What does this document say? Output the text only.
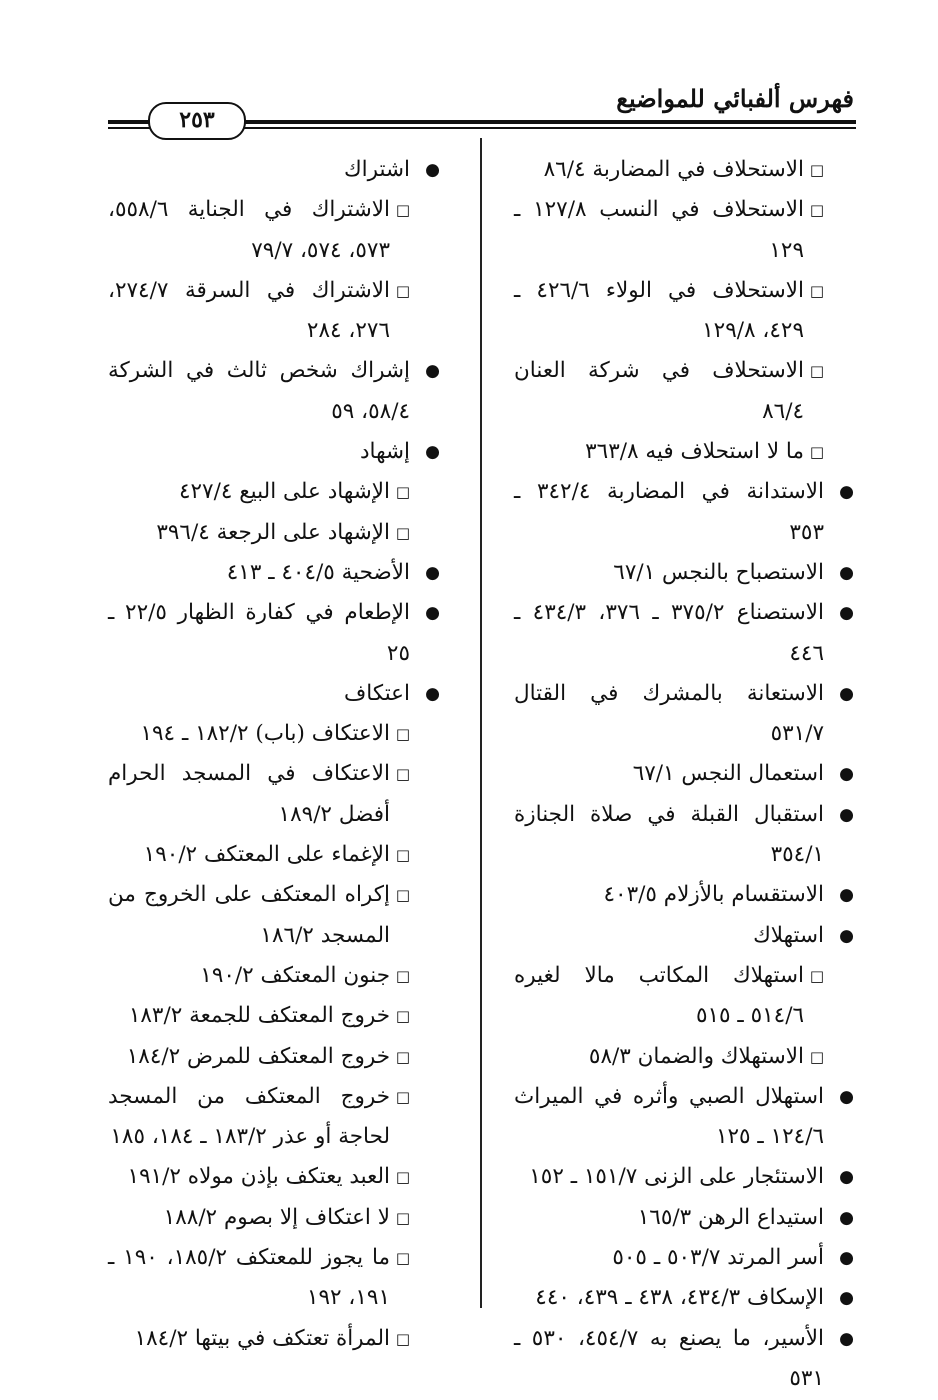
فهرس ألفبائي للمواضيع
٢٥٣
□
الاستحلاف في المضاربة ٨٦/٤
□
الاستحلاف في النسب ١٢٧/٨ ـ ١٢٩
□
الاستحلاف في الولاء ٤٢٦/٦ ـ ٤٢٩، ١٢٩/٨
□
الاستحلاف في شركة العنان ٨٦/٤
□
ما لا استحلاف فيه ٣٦٣/٨
●
الاستدانة في المضاربة ٣٤٢/٤ ـ ٣٥٣
●
الاستصباح بالنجس ٦٧/١
●
الاستصناع ٣٧٥/٢ ـ ٣٧٦، ٤٣٤/٣ ـ ٤٤٦
●
الاستعانة بالمشرك في القتال ٥٣١/٧
●
استعمال النجس ٦٧/١
●
استقبال القبلة في صلاة الجنازة ٣٥٤/١
●
الاستقسام بالأزلام ٤٠٣/٥
●
استهلاك
□
استهلاك المكاتب مالا لغيره ٥١٤/٦ ـ ٥١٥
□
الاستهلاك والضمان ٥٨/٣
●
استهلال الصبي وأثره في الميراث ١٢٤/٦ ـ ١٢٥
●
الاستئجار على الزنى ١٥١/٧ ـ ١٥٢
●
استيداع الرهن ١٦٥/٣
●
أسر المرتد ٥٠٣/٧ ـ ٥٠٥
●
الإسكاف ٤٣٤/٣، ٤٣٨ ـ ٤٣٩، ٤٤٠
●
الأسير، ما يصنع به ٤٥٤/٧، ٥٣٠ ـ ٥٣١
●
اشتراك
□
الاشتراك في الجناية ٥٥٨/٦، ٥٧٣، ٥٧٤، ٧٩/٧
□
الاشتراك في السرقة ٢٧٤/٧، ٢٧٦، ٢٨٤
●
إشراك شخص ثالث في الشركة ٥٨/٤، ٥٩
●
إشهاد
□
الإشهاد على البيع ٤٢٧/٤
□
الإشهاد على الرجعة ٣٩٦/٤
●
الأضحية ٤٠٤/٥ ـ ٤١٣
●
الإطعام في كفارة الظهار ٢٢/٥ ـ ٢٥
●
اعتكاف
□
الاعتكاف (باب) ١٨٢/٢ ـ ١٩٤
□
الاعتكاف في المسجد الحرام أفضل ١٨٩/٢
□
الإغماء على المعتكف ١٩٠/٢
□
إكراه المعتكف على الخروج من المسجد ١٨٦/٢
□
جنون المعتكف ١٩٠/٢
□
خروج المعتكف للجمعة ١٨٣/٢
□
خروج المعتكف للمرض ١٨٤/٢
□
خروج المعتكف من المسجد لحاجة أو عذر ١٨٣/٢ ـ ١٨٤، ١٨٥
□
العبد يعتكف بإذن مولاه ١٩١/٢
□
لا اعتكاف إلا بصوم ١٨٨/٢
□
ما يجوز للمعتكف ١٨٥/٢، ١٩٠ ـ ١٩١، ١٩٢
□
المرأة تعتكف في بيتها ١٨٤/٢
